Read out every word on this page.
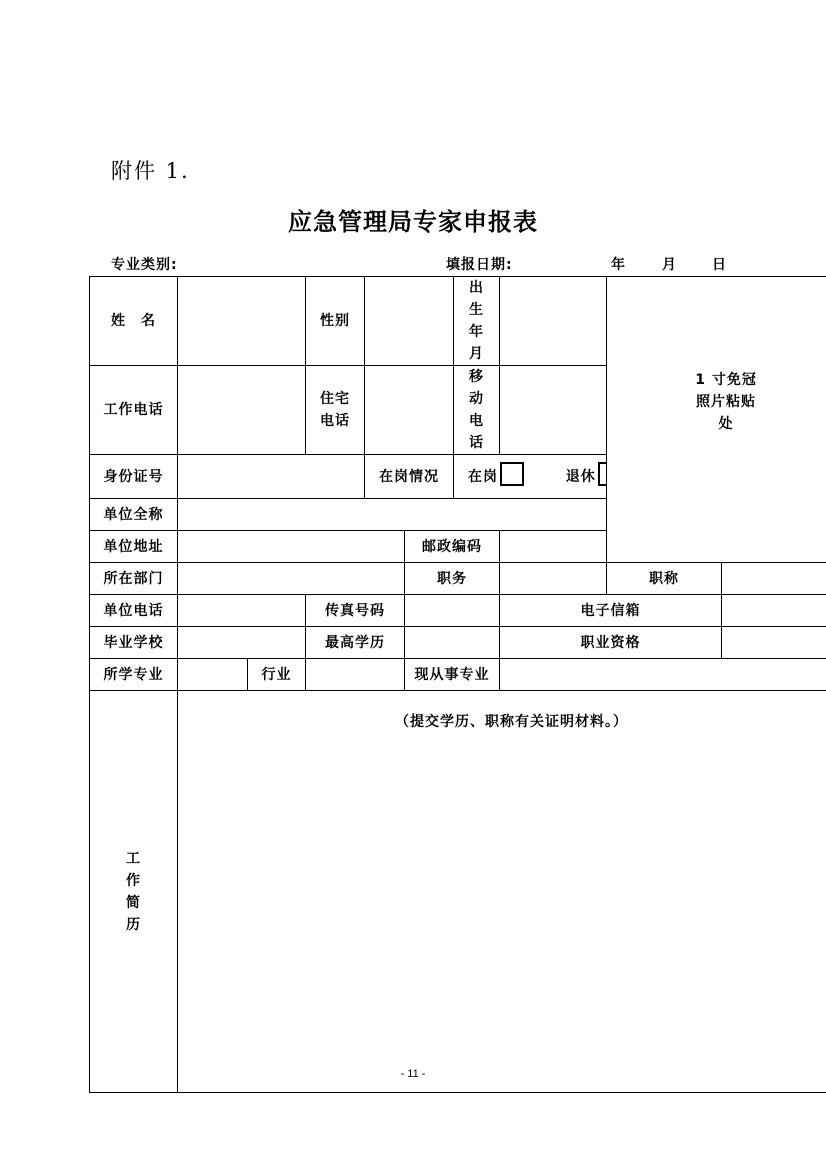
附件 1.
应急管理局专家申报表
专业类别:	填报日期:	年	月	日
姓　名			性别			出生年月		1 寸免冠照片粘贴处	

工作电话			住宅电话			移动电话			
身份证号				在岗情况		在岗 退休			
单位全称									
单位地址					邮政编码				
所在部门					职务			职称	
单位电话			传真号码				电子信箱		
毕业学校			最高学历				职业资格		
所学专业		行业			现从事专业				

工
作
简
历	（提交学历、职称有关证明材料。）								
- 11 -
